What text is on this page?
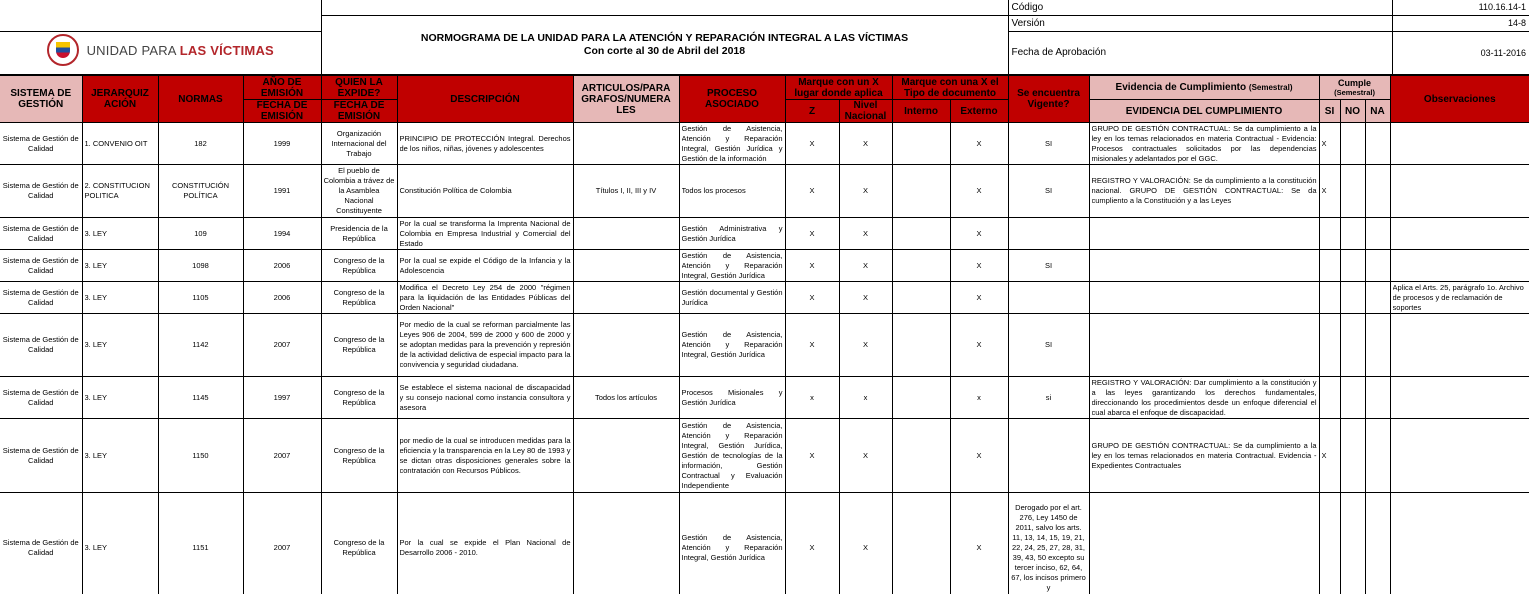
		Código	110.16.14-1

	NORMOGRAMA DE LA UNIDAD PARA LA ATENCIÓN Y REPARACIÓN INTEGRAL A LAS VÍCTIMAS
Con corte al 30 de Abril del 2018	Versión	14-8

UNIDAD PARA LAS VÍCTIMAS		Fecha de Aprobación	03-11-2016

SISTEMA DE GESTIÓN	JERARQUIZ ACIÓN	NORMAS	AÑO DE EMISIÓN	QUIEN LA EXPIDE?	DESCRIPCIÓN	ARTICULOS/PARA GRAFOS/NUMERA LES	PROCESO ASOCIADO	Marque con un X lugar donde aplica		Marque con una X el Tipo de documento		Se encuentra Vigente?	Evidencia de Cumplimiento (Semestral)	Cumple
(Semestral)			Observaciones
			FECHA DE EMISIÓN	FECHA DE EMISIÓN				Z	Nivel Nacional	Interno	Externo		EVIDENCIA DEL CUMPLIMIENTO	SI	NO	NA	

Sistema de Gestión de Calidad	1. CONVENIO OIT	182	1999	Organización Internacional del Trabajo	PRINCIPIO DE PROTECCIÓN Integral. Derechos de los niños, niñas, jóvenes y adolescentes		Gestión de Asistencia, Atención y Reparación Integral, Gestión Jurídica y Gestión de la información	X	X		X	SI	GRUPO DE GESTIÓN CONTRACTUAL: Se da cumplimiento a la ley en los temas relacionados en materia Contractual - Evidencia: Procesos contractuales solicitados por las dependencias misionales y adelantados por el GGC.	X			

Sistema de Gestión de Calidad	2. CONSTITUCION POLITICA	CONSTITUCIÓN POLÍTICA	1991	El pueblo de Colombia a trávez de la Asamblea Nacional Constituyente	Constitución Política de Colombia	Títulos I, II, III y IV	Todos los procesos	X	X		X	SI	REGISTRO Y VALORACIÓN: Se da cumplimiento a la constitución nacional. GRUPO DE GESTIÓN CONTRACTUAL: Se da cumpliento a la Constitución y a las Leyes	X			

Sistema de Gestión de Calidad	3. LEY	109	1994	Presidencia de la República	Por la cual se transforma la Imprenta Nacional de Colombia en Empresa Industrial y Comercial del Estado		Gestión Administrativa y Gestión Jurídica	X	X		X						

Sistema de Gestión de Calidad	3. LEY	1098	2006	Congreso de la República	Por la cual se expide el Código de la Infancia y la Adolescencia		Gestión de Asistencia, Atención y Reparación Integral, Gestión Jurídica	X	X		X	SI					

Sistema de Gestión de Calidad	3. LEY	1105	2006	Congreso de la República	Modifica el Decreto Ley 254 de 2000 "régimen para la liquidación de las Entidades Públicas del Orden Nacional"		Gestión documental y Gestión Jurídica	X	X		X						Aplica el Arts. 25, parágrafo 1o. Archivo de procesos y de reclamación de soportes

Sistema de Gestión de Calidad	3. LEY	1142	2007	Congreso de la República	Por medio de la cual se reforman parcialmente las Leyes 906 de 2004, 599 de 2000 y 600 de 2000 y se adoptan medidas para la prevención y represión de la actividad delictiva de especial impacto para la convivencia y seguridad ciudadana.		Gestión de Asistencia, Atención y Reparación Integral, Gestión Jurídica	X	X		X	SI					

Sistema de Gestión de Calidad	3. LEY	1145	1997	Congreso de la República	Se establece el sistema nacional de discapacidad y su consejo nacional como instancia consultora y asesora	Todos los artículos	Procesos Misionales y Gestión Jurídica	x	x		x	si	REGISTRO Y VALORACIÓN: Dar cumplimiento a la constitución y a las leyes garantizando los derechos fundamentales, direccionando los procedimientos desde un enfoque diferencial el cual abarca el enfoque de discapacidad.				

Sistema de Gestión de Calidad	3. LEY	1150	2007	Congreso de la República	por medio de la cual se introducen medidas para la eficiencia y la transparencia en la Ley 80 de 1993 y se dictan otras disposiciones generales sobre la contratación con Recursos Públicos.		Gestión de Asistencia, Atención y Reparación Integral, Gestión Jurídica, Gestión de tecnologías de la información, Gestión Contractual y Evaluación Independiente	X	X		X		GRUPO DE GESTIÓN CONTRACTUAL: Se da cumplimiento a la ley en los temas relacionados en materia Contractual. Evidencia -Expedientes Contractuales	X			

Sistema de Gestión de Calidad	3. LEY	1151	2007	Congreso de la República	Por la cual se expide el Plan Nacional de Desarrollo 2006 - 2010.		Gestión de Asistencia, Atención y Reparación Integral, Gestión Jurídica	X	X		X	Derogado por el art. 276, Ley 1450 de 2011, salvo los arts. 11, 13, 14, 15, 19, 21, 22, 24, 25, 27, 28, 31, 39, 43, 50 excepto su tercer inciso, 62, 64, 67, los incisos primero y					
